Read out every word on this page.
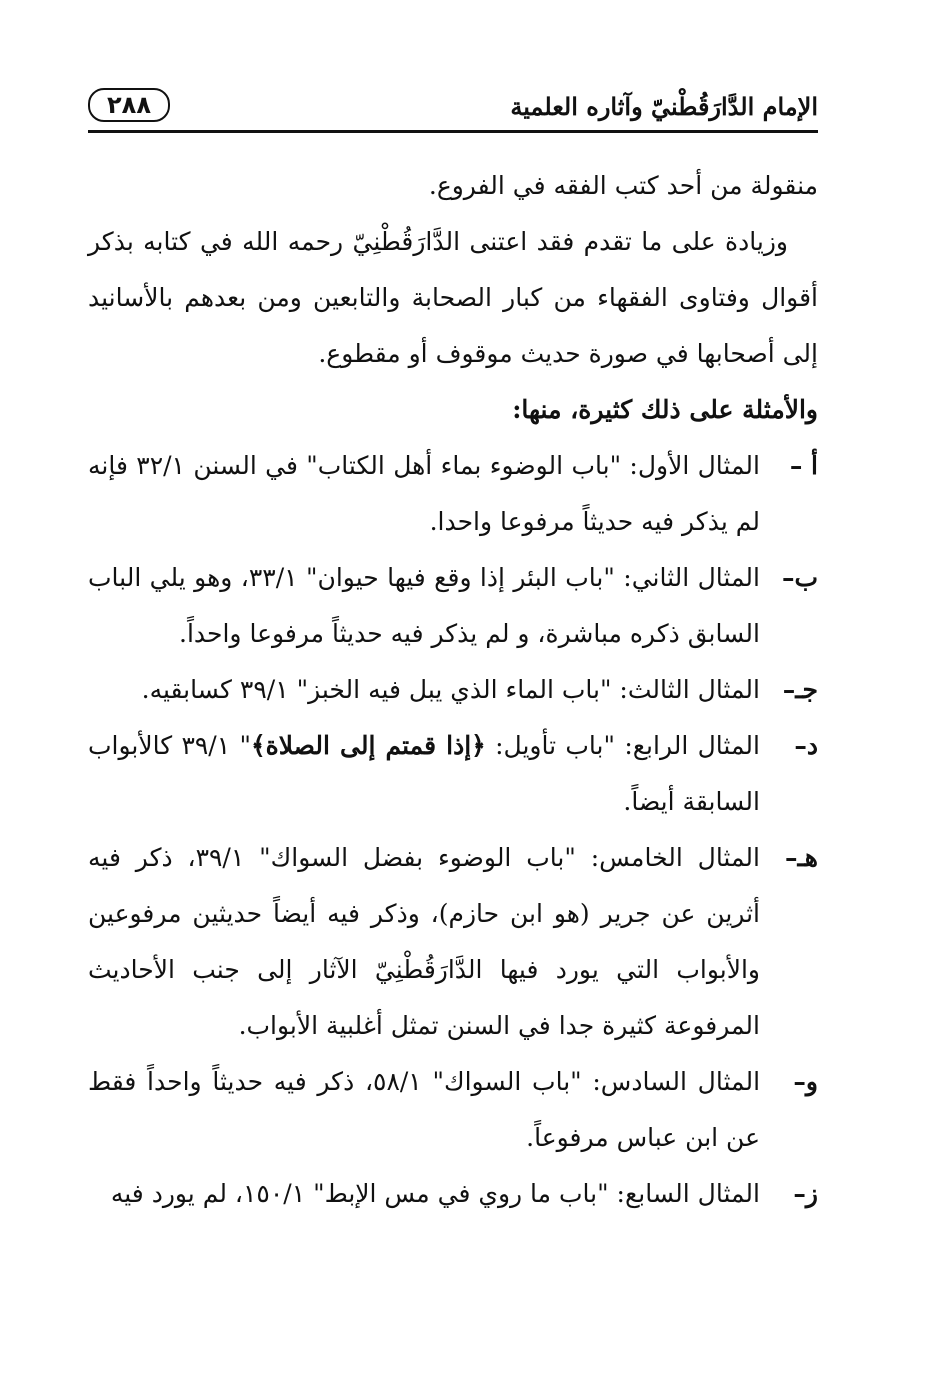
الإمام الدَّارَقُطْنيّ وآثاره العلمية
٢٨٨

منقولة من أحد كتب الفقه في الفروع.

وزيادة على ما تقدم فقد اعتنى الدَّارَقُطْنِيّ رحمه الله في كتابه بذكر أقوال وفتاوى الفقهاء من كبار الصحابة والتابعين ومن بعدهم بالأسانيد إلى أصحابها في صورة حديث موقوف أو مقطوع.

والأمثلة على ذلك كثيرة، منها:

أ –
المثال الأول: "باب الوضوء بماء أهل الكتاب" في السنن ٣٢/١ فإنه لم يذكر فيه حديثاً مرفوعا واحدا.
ب–
المثال الثاني: "باب البئر إذا وقع فيها حيوان" ٣٣/١، وهو يلي الباب السابق ذكره مباشرة، و لم يذكر فيه حديثاً مرفوعا واحداً.
جـ–
المثال الثالث: "باب الماء الذي يبل فيه الخبز" ٣٩/١ كسابقيه.
د–
المثال الرابع: "باب تأويل: ﴿إذا قمتم إلى الصلاة﴾" ٣٩/١ كالأبواب السابقة أيضاً.
هـ–
المثال الخامس: "باب الوضوء بفضل السواك" ٣٩/١، ذكر فيه أثرين عن جرير (هو ابن حازم)، وذكر فيه أيضاً حديثين مرفوعين والأبواب التي يورد فيها الدَّارَقُطْنِيّ الآثار إلى جنب الأحاديث المرفوعة كثيرة جدا في السنن تمثل أغلبية الأبواب.
و–
المثال السادس: "باب السواك" ٥٨/١، ذكر فيه حديثاً واحداً فقط عن ابن عباس مرفوعاً.
ز–
المثال السابع: "باب ما روي في مس الإبط" ١٥٠/١، لم يورد فيه
